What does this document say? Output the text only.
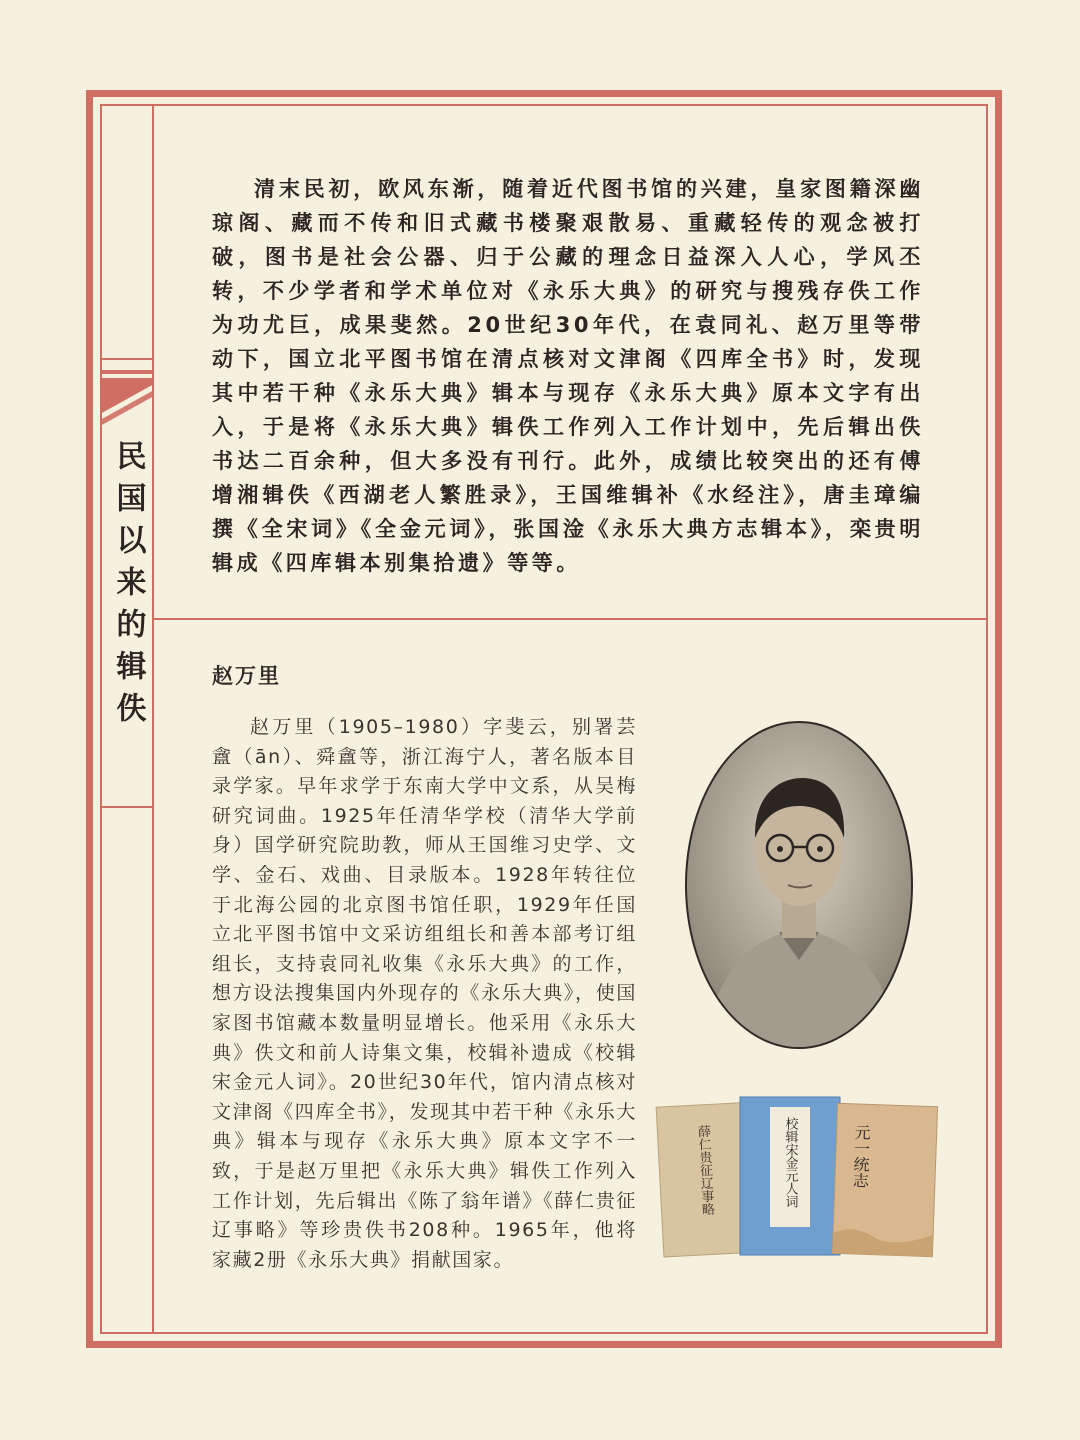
民国以来的辑佚

清末民初，欧风东渐，随着近代图书馆的兴建，皇家图籍深幽琼阁、藏而不传和旧式藏书楼聚艰散易、重藏轻传的观念被打破，图书是社会公器、归于公藏的理念日益深入人心，学风丕转，不少学者和学术单位对《永乐大典》的研究与搜残存佚工作为功尤巨，成果斐然。20世纪30年代，在袁同礼、赵万里等带动下，国立北平图书馆在清点核对文津阁《四库全书》时，发现其中若干种《永乐大典》辑本与现存《永乐大典》原本文字有出入，于是将《永乐大典》辑佚工作列入工作计划中，先后辑出佚书达二百余种，但大多没有刊行。此外，成绩比较突出的还有傅增湘辑佚《西湖老人繁胜录》，王国维辑补《水经注》，唐圭璋编撰《全宋词》《全金元词》，张国淦《永乐大典方志辑本》，栾贵明辑成《四库辑本别集拾遗》等等。

赵万里

赵万里（1905–1980）字斐云，别署芸盦（ān）、舜盦等，浙江海宁人，著名版本目录学家。早年求学于东南大学中文系，从吴梅研究词曲。1925年任清华学校（清华大学前身）国学研究院助教，师从王国维习史学、文学、金石、戏曲、目录版本。1928年转往位于北海公园的北京图书馆任职，1929年任国立北平图书馆中文采访组组长和善本部考订组组长，支持袁同礼收集《永乐大典》的工作，想方设法搜集国内外现存的《永乐大典》，使国家图书馆藏本数量明显增长。他采用《永乐大典》佚文和前人诗集文集，校辑补遗成《校辑宋金元人词》。20世纪30年代，馆内清点核对文津阁《四库全书》，发现其中若干种《永乐大典》辑本与现存《永乐大典》原本文字不一致，于是赵万里把《永乐大典》辑佚工作列入工作计划，先后辑出《陈了翁年谱》《薛仁贵征辽事略》等珍贵佚书208种。1965年，他将家藏2册《永乐大典》捐献国家。

薛仁贵征辽事略	校辑宋金元人词	元一统志
